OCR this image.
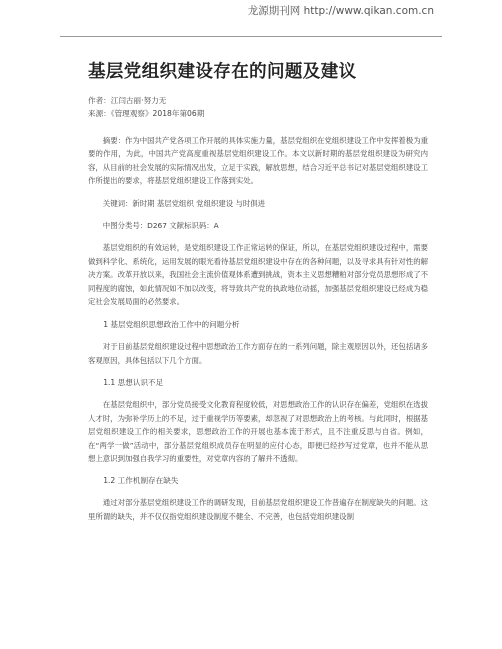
龙源期刊网 http://www.qikan.com.cn
基层党组织建设存在的问题及建议
作者：江闫古丽·努力无
来源：《管理观察》2018年第06期

摘要：作为中国共产党各项工作开展的具体实施力量，基层党组织在党组织建设工作中发挥着极为重要的作用，为此，中国共产党高度重视基层党组织建设工作。本文以新时期的基层党组织建设为研究内容，从目前的社会发展的实际情况出发，立足于实践，解放思想，结合习近平总书记对基层党组织建设工作所提出的要求，将基层党组织建设工作落到实处。

关键词：新时期 基层党组织 党组织建设 与时俱进

中图分类号：D267 文献标识码：A

基层党组织的有效运转，是党组织建设工作正常运转的保证，所以，在基层党组织建设过程中，需要做到科学化、系统化，运用发展的眼光看待基层党组织建设中存在的各种问题，以及寻求具有针对性的解决方案。改革开放以来，我国社会主流价值观体系遭到挑战，资本主义思想糟粕对部分党员思想形成了不同程度的腐蚀，如此情况如不加以改变，将导致共产党的执政地位动摇，加强基层党组织建设已经成为稳定社会发展局面的必然要求。

1 基层党组织思想政治工作中的问题分析

对于目前基层党组织建设过程中思想政治工作方面存在的一系列问题，除主观原因以外，还包括诸多客观原因，具体包括以下几个方面。

1.1 思想认识不足

在基层党组织中，部分党员接受文化教育程度较低，对思想政治工作的认识存在偏差，党组织在选拔人才时，为弥补学历上的不足，过于重视学历等要素，却忽视了对思想政治上的考核。与此同时，根据基层党组织建设工作的相关要求，思想政治工作的开展也基本流于形式，且不注重反思与自省。例如，在“两学一做”活动中，部分基层党组织成员存在明显的应付心态，即便已经抄写过党章，也并不能从思想上意识到加强自我学习的重要性，对党章内容的了解并不透彻。

1.2 工作机制存在缺失

通过对部分基层党组织建设工作的调研发现，目前基层党组织建设工作普遍存在制度缺失的问题。这里所谓的缺失，并不仅仅指党组织建设制度不健全、不完善，也包括党组织建设制
